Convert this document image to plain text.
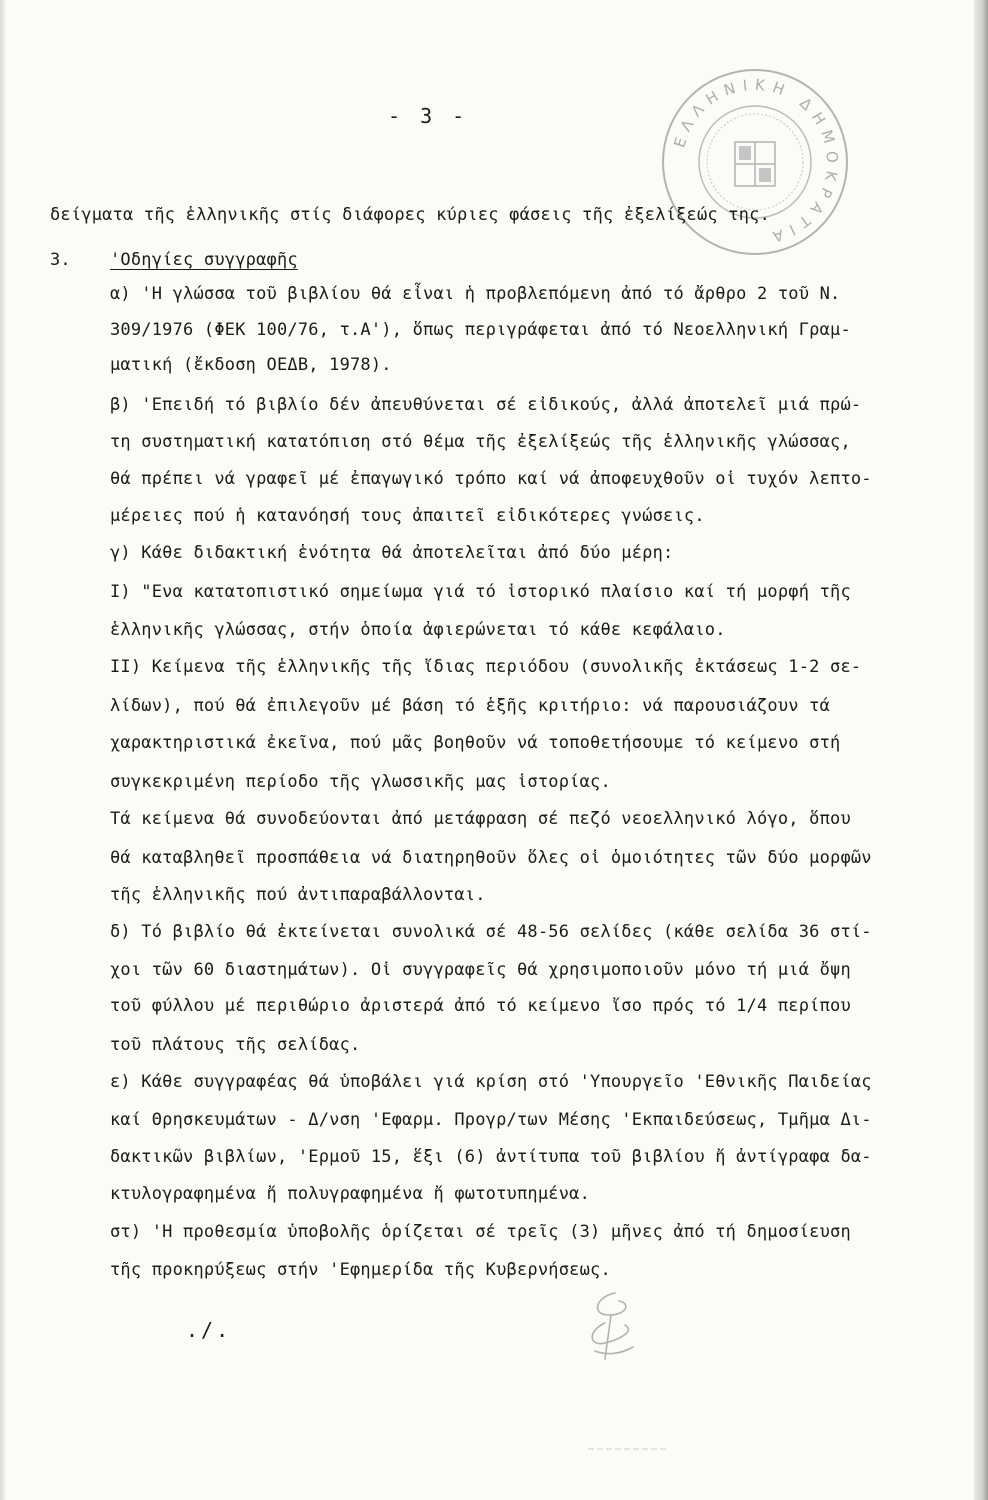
- 3 -
ΕΛΛΗΝΙΚΗ ΔΗΜΟΚΡΑΤΙΑ
δείγματα τῆς ἑλληνικῆς στίς διάφορες κύριες φάσεις τῆς ἐξελίξεώς της.
3. 'Οδηγίες συγγραφῆς
α) 'Η γλώσσα τοῦ βιβλίου θά εἶναι ἡ προβλεπόμενη ἀπό τό ἄρθρο 2 τοῦ Ν.
309/1976 (ΦΕΚ 100/76, τ.Α'), ὅπως περιγράφεται ἀπό τό Νεοελληνική Γραμ-
ματική (ἔκδοση ΟΕΔΒ, 1978).
β) 'Επειδή τό βιβλίο δέν ἀπευθύνεται σέ εἰδικούς, ἀλλά ἀποτελεῖ μιά πρώ-
τη συστηματική κατατόπιση στό θέμα τῆς ἐξελίξεώς τῆς ἑλληνικῆς γλώσσας,
θά πρέπει νά γραφεῖ μέ ἐπαγωγικό τρόπο καί νά ἀποφευχθοῦν οἱ τυχόν λεπτο-
μέρειες πού ἡ κατανόησή τους ἀπαιτεῖ εἰδικότερες γνώσεις.
γ) Κάθε διδακτική ἑνότητα θά ἀποτελεῖται ἀπό δύο μέρη:
I) "Ενα κατατοπιστικό σημείωμα γιά τό ἱστορικό πλαίσιο καί τή μορφή τῆς
ἑλληνικῆς γλώσσας, στήν ὁποία ἀφιερώνεται τό κάθε κεφάλαιο.
II) Κείμενα τῆς ἑλληνικῆς τῆς ἴδιας περιόδου (συνολικῆς ἐκτάσεως 1-2 σε-
λίδων), πού θά ἐπιλεγοῦν μέ βάση τό ἑξῆς κριτήριο: νά παρουσιάζουν τά
χαρακτηριστικά ἐκεῖνα, πού μᾶς βοηθοῦν νά τοποθετήσουμε τό κείμενο στή
συγκεκριμένη περίοδο τῆς γλωσσικῆς μας ἱστορίας.
Τά κείμενα θά συνοδεύονται ἀπό μετάφραση σέ πεζό νεοελληνικό λόγο, ὅπου
θά καταβληθεῖ προσπάθεια νά διατηρηθοῦν ὅλες οἱ ὁμοιότητες τῶν δύο μορφῶν
τῆς ἑλληνικῆς πού ἀντιπαραβάλλονται.
δ) Τό βιβλίο θά ἐκτείνεται συνολικά σέ 48-56 σελίδες (κάθε σελίδα 36 στί-
χοι τῶν 60 διαστημάτων). Οἱ συγγραφεῖς θά χρησιμοποιοῦν μόνο τή μιά ὄψη
τοῦ φύλλου μέ περιθώριο ἀριστερά ἀπό τό κείμενο ἴσο πρός τό 1/4 περίπου
τοῦ πλάτους τῆς σελίδας.
ε) Κάθε συγγραφέας θά ὑποβάλει γιά κρίση στό 'Υπουργεῖο 'Εθνικῆς Παιδείας
καί Θρησκευμάτων - Δ/νση 'Εφαρμ. Προγρ/των Μέσης 'Εκπαιδεύσεως, Τμῆμα Δι-
δακτικῶν βιβλίων, 'Ερμοῦ 15, ἕξι (6) ἀντίτυπα τοῦ βιβλίου ἤ ἀντίγραφα δα-
κτυλογραφημένα ἤ πολυγραφημένα ἤ φωτοτυπημένα.
στ) 'Η προθεσμία ὑποβολῆς ὁρίζεται σέ τρεῖς (3) μῆνες ἀπό τή δημοσίευση
τῆς προκηρύξεως στήν 'Εφημερίδα τῆς Κυβερνήσεως.
./.
